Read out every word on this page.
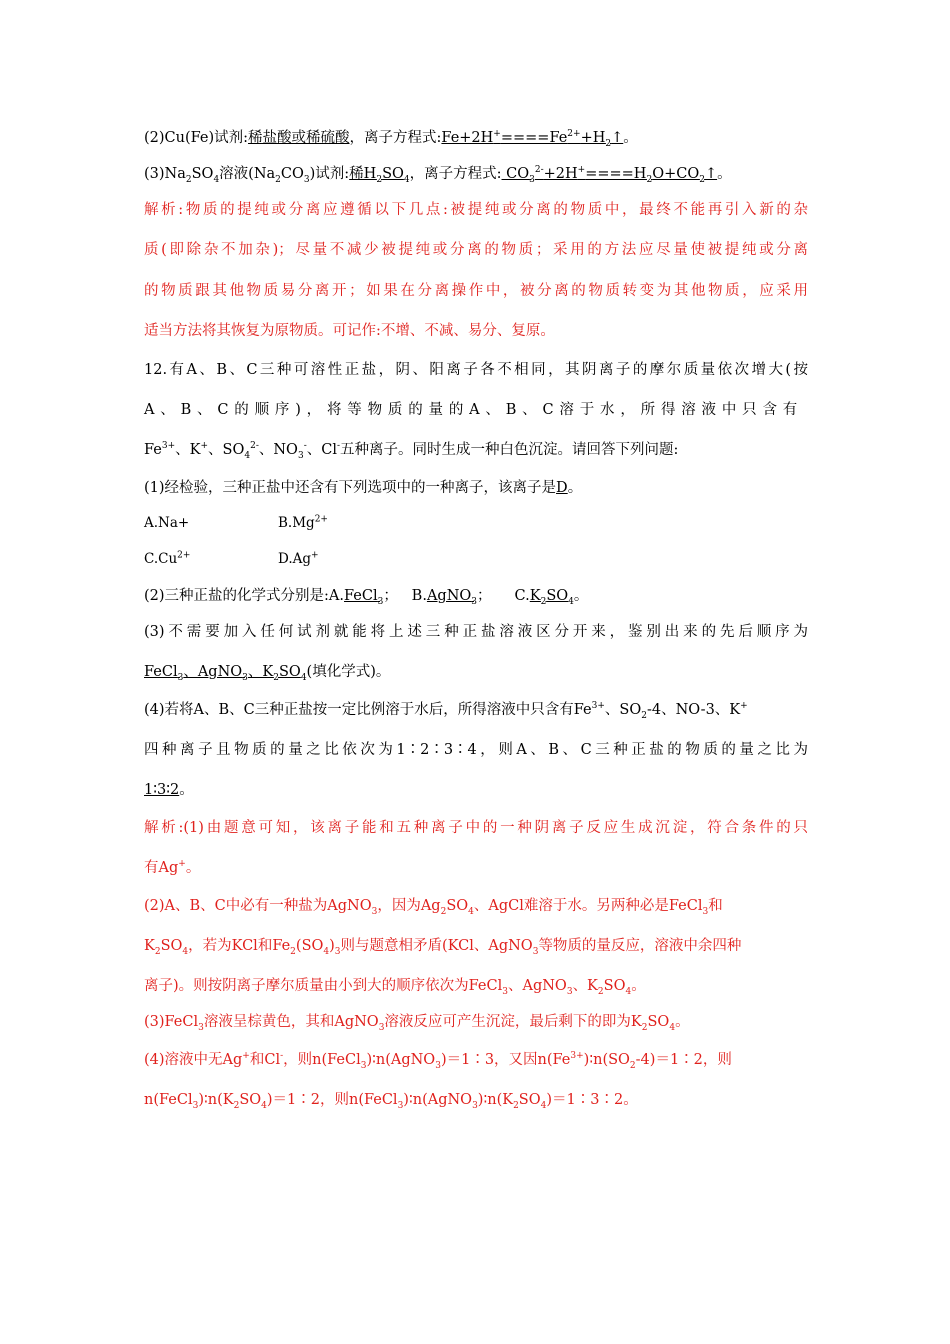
(2)Cu(Fe)试剂:稀盐酸或稀硫酸，离子方程式$:Fe+2H^+====Fe^{2+}+H_2↑$。
$(3)Na_2SO_4$溶液$(Na_2CO_3)$试剂:稀$H_2SO_4$，离子方程式: $CO_3^{2-}+2H^+====H_2O+CO_2↑$。
解析:物质的提纯或分离应遵循以下几点:被提纯或分离的物质中，最终不能再引入新的杂
质(即除杂不加杂)；尽量不减少被提纯或分离的物质；采用的方法应尽量使被提纯或分离
的物质跟其他物质易分离开；如果在分离操作中，被分离的物质转变为其他物质，应采用
适当方法将其恢复为原物质。可记作:不增、不减、易分、复原。
12.有A、B、C三种可溶性正盐，阴、阳离子各不相同，其阴离子的摩尔质量依次增大(按
A 、 B 、 C 的 顺 序 ) ， 将 等 物 质 的 量 的 A 、 B 、 C 溶 于 水 ， 所 得 溶 液 中 只 含 有
$Fe^{3+}$、K+、$SO_4^{2-}$、$NO_3^-$、Cl-五种离子。同时生成一种白色沉淀。请回答下列问题:
(1)经检验，三种正盐中还含有下列选项中的一种离子，该离子是D。
A.Na+	$B.Mg^{2+}$
$C.Cu^{2+}$	D.Ag+
(2)三种正盐的化学式分别是:A.FeCl$_3$；   B.AgNO$_3$；     $C.K_2SO_4$。
(3)不需要加入任何试剂就能将上述三种正盐溶液区分开来，鉴别出来的先后顺序为
FeCl$_3$、AgNO$_3$、$K_2SO_4$(填化学式)。
(4)若将A、B、C三种正盐按一定比例溶于水后，所得溶液中只含有$Fe^{3+}$、$SO_2-4$、NO-3、K+
四种离子且物质的量之比依次为1∶2∶3∶4，则A、B、C三种正盐的物质的量之比为
1∶3∶2。
解析:(1)由题意可知，该离子能和五种离子中的一种阴离子反应生成沉淀，符合条件的只
有Ag+。
(2)A、B、C中必有一种盐为AgNO$_3$，因为$Ag_2SO_4$、AgCl难溶于水。另两种必是FeCl$_3$和
$K_2SO_4$，若为KCl和$Fe_2(SO_4)_3$则与题意相矛盾(KCl、AgNO$_3$等物质的量反应，溶液中余四种
离子)。则按阴离子摩尔质量由小到大的顺序依次为FeCl$_3$、AgNO$_3$、$K_2SO_4$。
(3)FeCl$_3$溶液呈棕黄色，其和AgNO$_3$溶液反应可产生沉淀，最后剩下的即为$K_2SO_4$。
(4)溶液中无Ag+和Cl-，则n(FeCl$_3$)∶n(AgNO$_3$)＝1∶3，又因$n(Fe^{3+})∶n(SO_2-4)=1∶2$，则
$n(FeCl_3)∶n(K_2SO_4)=1∶2$，则$n(FeCl_3)∶n(AgNO_3)∶n(K_2SO_4)=1∶3∶2$。
